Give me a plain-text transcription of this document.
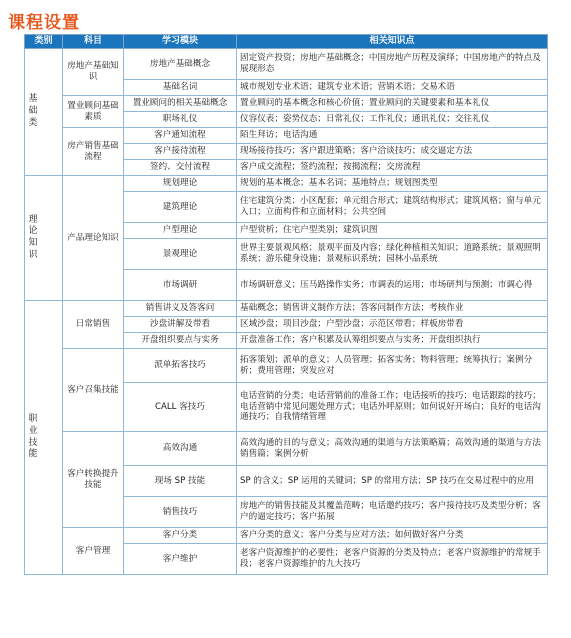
课程设置
类别	科目	学习模块	相关知识点

基础类	房地产基础知识	房地产基础概念	固定资产投资；房地产基础概念；中国房地产历程及演绎；中国房地产的特点及展现形态
		基础名词	城市规划专业术语；建筑专业术语；营销术语；交易术语

	置业顾问基础素质	置业顾问的相关基础概念	置业顾问的基本概念和核心价值；置业顾问的关键要素和基本礼仪
		职场礼仪	仪容仪表；姿势仪态；日常礼仪；工作礼仪；通讯礼仪；交往礼仪

	房产销售基础流程	客户通知流程	陌生拜访；电话沟通
		客户接待流程	现场接待技巧；客户跟进策略；客户洽谈技巧；成交逼定方法
		签约、交付流程	客户成交流程；签约流程；按揭流程；交房流程

理论知识	产品理论知识	规划理论	规划的基本概念；基本名词；基地特点；规划图类型
		建筑理论	住宅建筑分类；小区配套；单元组合形式；建筑结构形式；建筑风格；窗与单元入口；立面构件和立面材料；公共空间
		户型理论	户型赏析；住宅户型类别；建筑识图
		景观理论	世界主要景观风格；景观平面及内容；绿化种植相关知识；道路系统；景观照明系统；游乐健身设施；景观标识系统；园林小品系统
		市场调研	市场调研意义；压马路操作实务；市调表的运用；市场研判与预测；市调心得

职业技能	日常销售	销售讲义及答客问	基础概念；销售讲义制作方法；答客问制作方法；考核作业
		沙盘讲解及带看	区域沙盘；项目沙盘；户型沙盘；示范区带看；样板房带看
		开盘组织要点与实务	开盘准备工作；客户积累及认筹组织要点与实务；开盘组织执行

	客户召集技能	派单拓客技巧	拓客策划；派单的意义；人员管理；拓客实务；物料管理；统筹执行；案例分析；费用管理；突发应对
		CALL 客技巧	电话营销的分类；电话营销前的准备工作；电话接听的技巧；电话跟踪的技巧；电话营销中常见问题处理方式；电话外呼原则；如何说好开场白；良好的电话沟通技巧；自我情绪管理

	客户转换提升技能	高效沟通	高效沟通的目的与意义；高效沟通的渠道与方法策略篇；高效沟通的渠道与方法销售篇；案例分析
		现场 SP 技能	SP 的含义；SP 运用的关键词；SP 的常用方法；SP 技巧在交易过程中的应用
		销售技巧	房地产的销售技能及其覆盖范畴；电话邀约技巧；客户接待技巧及类型分析；客户的逼定技巧；客户拓展

	客户管理	客户分类	客户分类的意义；客户分类与应对方法；如何做好客户分类
		客户维护	老客户资源维护的必要性；老客户资源的分类及特点；老客户资源维护的常规手段；老客户资源维护的九大技巧
